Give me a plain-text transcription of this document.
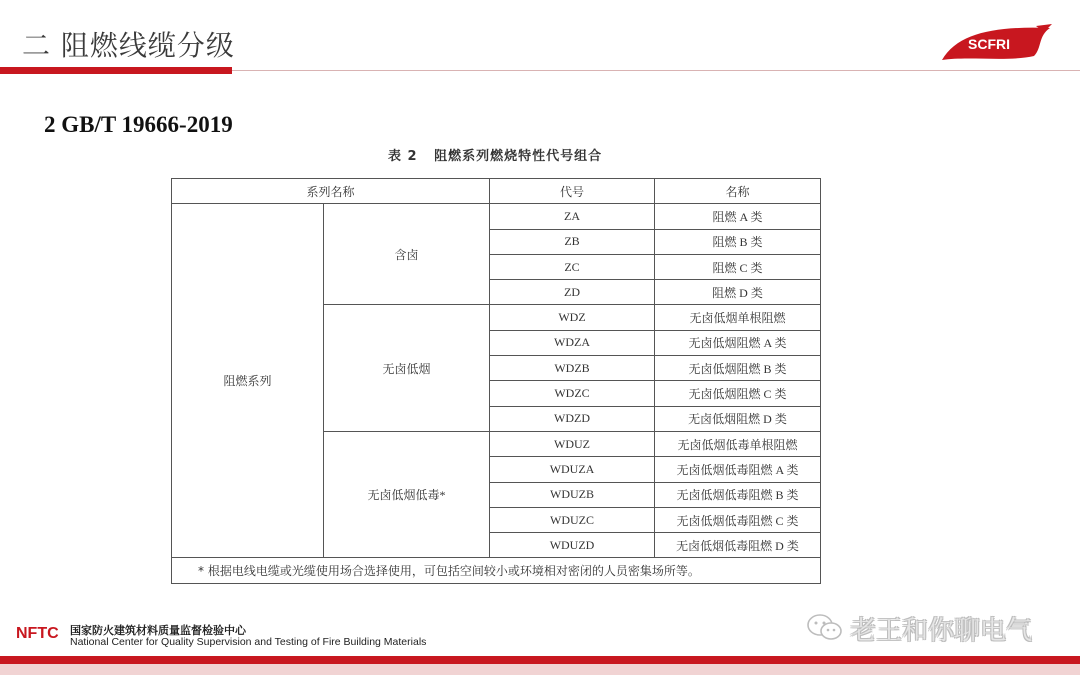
二 阻燃线缆分级	SCFRI
2 GB/T 19666-2019
表 2   阻燃系列燃烧特性代号组合
系列名称		代号	名称
阻燃系列	含卤	ZA	阻燃 A 类
		ZB	阻燃 B 类
		ZC	阻燃 C 类
		ZD	阻燃 D 类
	无卤低烟	WDZ	无卤低烟单根阻燃
		WDZA	无卤低烟阻燃 A 类
		WDZB	无卤低烟阻燃 B 类
		WDZC	无卤低烟阻燃 C 类
		WDZD	无卤低烟阻燃 D 类
	无卤低烟低毒*	WDUZ	无卤低烟低毒单根阻燃
		WDUZA	无卤低烟低毒阻燃 A 类
		WDUZB	无卤低烟低毒阻燃 B 类
		WDUZC	无卤低烟低毒阻燃 C 类
		WDUZD	无卤低烟低毒阻燃 D 类
* 根据电线电缆或光缆使用场合选择使用，可包括空间较小或环境相对密闭的人员密集场所等。			
NFTC 国家防火建筑材料质量监督检验中心
National Center for Quality Supervision and Testing of Fire Building Materials	老王和你聊电气
